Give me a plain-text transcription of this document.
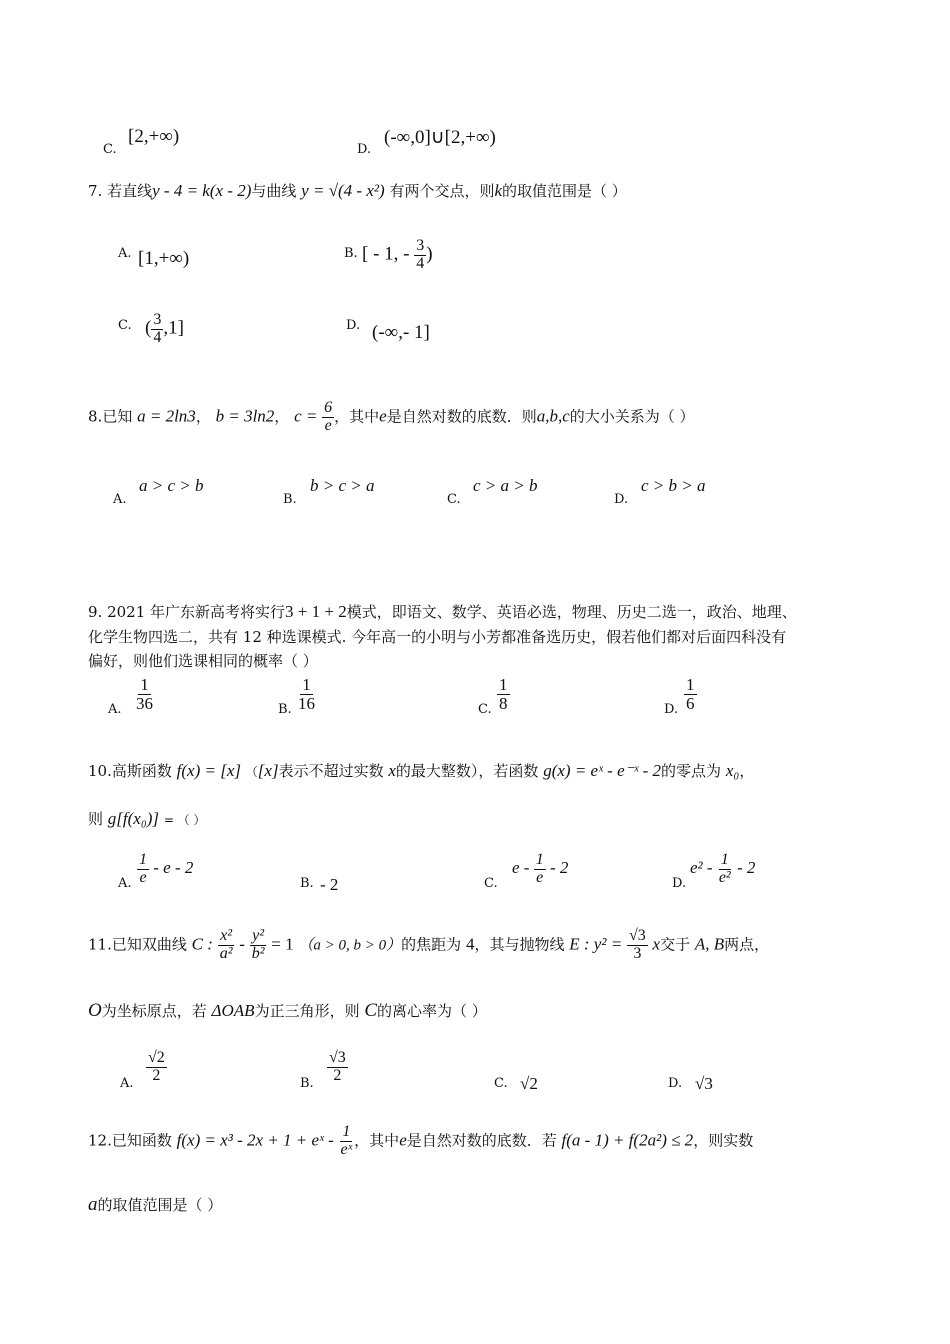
C.
[2,+∞)
D.
(-∞,0]∪[2,+∞)
7. 若直线y - 4 = k(x - 2)与曲线 y = √(4 - x²) 有两个交点，则k的取值范围是（ ）
A. [1,+∞)	B. [ - 1, - $\frac{3}{4}$ )
C. ( $\frac{3}{4} ,1$]	D. (-∞,- 1]
8.已知 a = 2ln3， b = 3ln2， $c = \frac{6}{e}$ ，其中e是自然对数的底数．则a,b,c的大小关系为（ ）
A.
a > c > b
B.
b > c > a
C.
c > a > b
D.
c > b > a
9. 2021 年广东新高考将实行3 + 1 + 2模式，即语文、数学、英语必选，物理、历史二选一，政治、地理、
化学生物四选二，共有 12 种选课模式. 今年高一的小明与小芳都准备选历史，假若他们都对后面四科没有
偏好，则他们选课相同的概率（ ）
A. $\frac{1}{36}$	B. $\frac{1}{16}$	C. $\frac{1}{8}$	D. $\frac{1}{6}$
10.高斯函数 f(x) = [x] （[x]表示不超过实数 x的最大整数），若函数 g(x) = eˣ - e⁻ˣ - 2的零点为 x₀，
则 g[f(x₀)] = （ ）
A. $\frac{1}{e}$ - e - 2
B. - 2	C.
e - $\frac{1}{e} - 2$
D.
$e^2 - \frac{1}{\text{e²}} - 2$
11.已知双曲线 C : $\frac{\text{x²}}{\text{a²}} - \frac{\text{y²}}{\text{b²}} = 1$ （a > 0, b > 0）的焦距为 4，其与抛物线 E : $y^2 = \frac{√3}{3}$ x交于 A, B两点，
O为坐标原点，若 ΔOAB为正三角形，则 C的离心率为（ ）
A. $\frac{√2}{2}$	B. $\frac{√3}{2}$	C. √2	D. √3
12.已知函数 f(x) = x³ - 2x + 1 + eˣ - $\frac{1}{\text{eˣ}}$ ，其中e是自然对数的底数．若 f(a - 1) + f(2a²) ≤ 2，则实数
a的取值范围是（ ）
